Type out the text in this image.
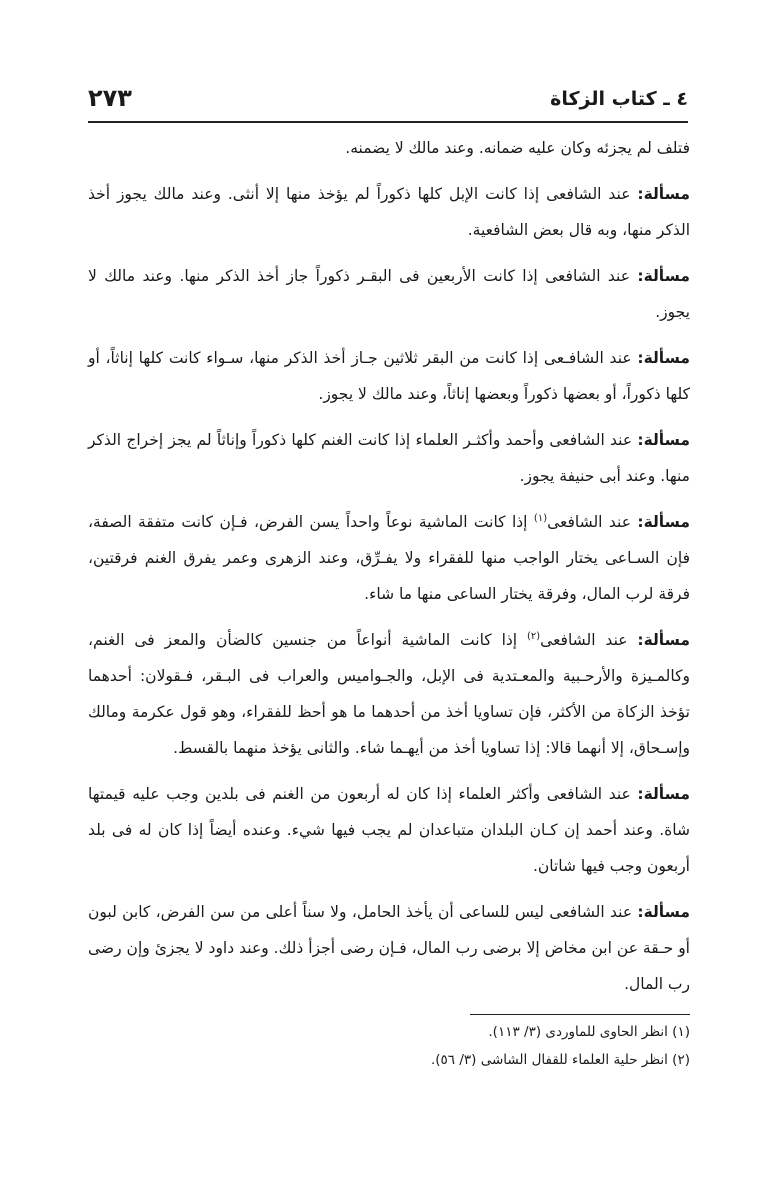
٤ ـ كتاب الزكاة
٢٧٣

فتلف لم يجزئه وكان عليه ضمانه. وعند مالك لا يضمنه.

مسألة: عند الشافعى إذا كانت الإبل كلها ذكوراً لم يؤخذ منها إلا أنثى. وعند مالك يجوز أخذ الذكر منها، وبه قال بعض الشافعية.

مسألة: عند الشافعى إذا كانت الأربعين فى البقـر ذكوراً جاز أخذ الذكر منها. وعند مالك لا يجوز.

مسألة: عند الشافـعى إذا كانت من البقر ثلاثين جـاز أخذ الذكر منها، سـواء كانت كلها إناثاً، أو كلها ذكوراً، أو بعضها ذكوراً وبعضها إناثاً، وعند مالك لا يجوز.

مسألة: عند الشافعى وأحمد وأكثـر العلماء إذا كانت الغنم كلها ذكوراً وإناثاً لم يجز إخراج الذكر منها. وعند أبى حنيفة يجوز.

مسألة: عند الشافعى$^{(١)}$ إذا كانت الماشية نوعاً واحداً يسن الفرض، فـإن كانت متفقة الصفة، فإن السـاعى يختار الواجب منها للفقراء ولا يفـرِّق، وعند الزهرى وعمر يفرق الغنم فرقتين، فرقة لرب المال، وفرقة يختار الساعى منها ما شاء.

مسألة: عند الشافعى$^{(٢)}$ إذا كانت الماشية أنواعاً من جنسين كالضأن والمعز فى الغنم، وكالمـيزة والأرحـبية والمعـتدية فى الإبل، والجـواميس والعراب فى البـقر، فـقولان: أحدهما تؤخذ الزكاة من الأكثر، فإن تساويا أخذ من أحدهما ما هو أحظ للفقراء، وهو قول عكرمة ومالك وإسـحاق، إلا أنهما قالا: إذا تساويا أخذ من أيهـما شاء. والثانى يؤخذ منهما بالقسط.

مسألة: عند الشافعى وأكثر العلماء إذا كان له أربعون من الغنم فى بلدين وجب عليه قيمتها شاة. وعند أحمد إن كـان البلدان متباعدان لم يجب فيها شيء. وعنده أيضاً إذا كان له فى بلد أربعون وجب فيها شاتان.

مسألة: عند الشافعى ليس للساعى أن يأخذ الحامل، ولا سناً أعلى من سن الفرض، كابن لبون أو حـقة عن ابن مخاض إلا برضى رب المال، فـإن رضى أجزأ ذلك. وعند داود لا يجزئ وإن رضى رب المال.

(١) انظر الحاوى للماوردى (٣/ ١١٣).

(٢) انظر حلية العلماء للقفال الشاشى (٣/ ٥٦).
